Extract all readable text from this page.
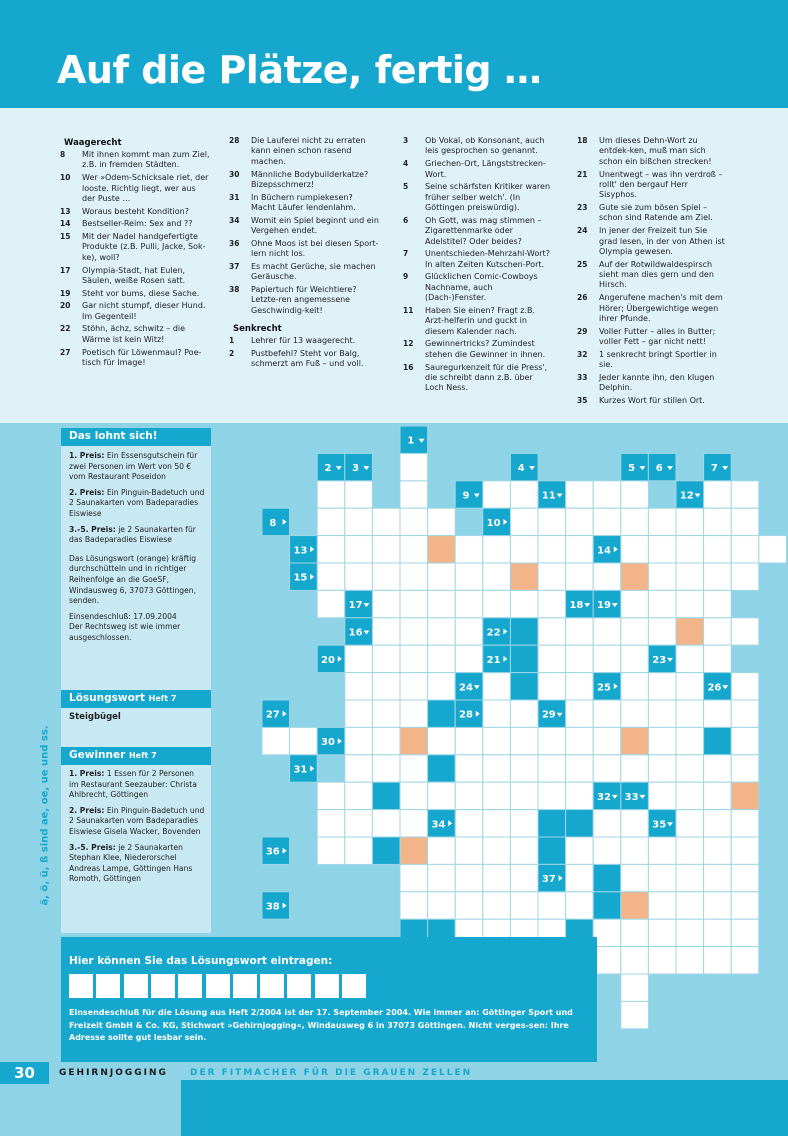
Auf die Plätze, fertig …
Waagerecht
8	Mit ihnen kommt man zum Ziel, z.B. in fremden Städten.
10	Wer »Odem-Schicksale riet, der looste. Richtig liegt, wer aus der Puste …
13	Woraus besteht Kondition?
14	Bestseller-Reim: Sex and ??
15	Mit der Nadel handgefertigte Produkte (z.B. Pulli, Jacke, Sok-ke), woll?
17	Olympia-Stadt, hat Eulen, Säulen, weiße Rosen satt.
19	Steht vor bums, diese Sache.
20	Gar nicht stumpf, dieser Hund. Im Gegenteil!
22	Stöhn, ächz, schwitz – die Wärme ist kein Witz!
27	Poetisch für Löwenmaul? Poe-tisch für Image!
28	Die Lauferei nicht zu erraten kann einen schon rasend machen.
30	Männliche Bodybuilderkatze? Bizepsschmerz!
31	In Büchern rumpiekesen? Macht Läufer lendenlahm.
34	Womit ein Spiel beginnt und ein Vergehen endet.
36	Ohne Moos ist bei diesen Sport-lern nicht los.
37	Es macht Gerüche, sie machen Geräusche.
38	Papiertuch für Weichtiere? Letzte-ren angemessene Geschwindig-keit!
Senkrecht
1	Lehrer für 13 waagerecht.
2	Pustbefehl? Steht vor Balg, schmerzt am Fuß – und voll.
3	Ob Vokal, ob Konsonant, auch leis gesprochen so genannt.
4	Griechen-Ort, Längststrecken-Wort.
5	Seine schärfsten Kritiker waren früher selber welch'. (In Göttingen preiswürdig).
6	Oh Gott, was mag stimmen – Zigarettenmarke oder Adelstitel? Oder beides?
7	Unentschieden-Mehrzahl-Wort? In alten Zeiten Kutschen-Port.
9	Glücklichen Comic-Cowboys Nachname, auch (Dach-)Fenster.
11	Haben Sie einen? Fragt z.B. Arzt-helferin und guckt in diesem Kalender nach.
12	Gewinnertricks? Zumindest stehen die Gewinner in ihnen.
16	Sauregurkenzeit für die Press', die schreibt dann z.B. über Loch Ness.
18	Um dieses Dehn-Wort zu entdek-ken, muß man sich schon ein bißchen strecken!
21	Unentwegt – was ihn verdroß – rollt' den bergauf Herr Sisyphos.
23	Gute sie zum bösen Spiel – schon sind Ratende am Ziel.
24	In jener der Freizeit tun Sie grad lesen, in der von Athen ist Olympia gewesen.
25	Auf der Rotwildwaldespirsch sieht man dies gern und den Hirsch.
26	Angerufene machen's mit dem Hörer; Übergewichtige wegen ihrer Pfunde.
29	Voller Futter – alles in Butter; voller Fett – gar nicht nett!
32	1 senkrecht bringt Sportler in sie.
33	Jeder kannte ihn, den klugen Delphin.
35	Kurzes Wort für stillen Ort.
Das lohnt sich!

1. Preis: Ein Essensgutschein für zwei Personen im Wert von 50 € vom Restaurant Poseidon

2. Preis: Ein Pinguin-Badetuch und 2 Saunakarten vom Badeparadies Eiswiese

3.-5. Preis: je 2 Saunakarten für das Badeparadies Eiswiese

Das Lösungswort (orange) kräftig durchschütteln und in richtiger Reihenfolge an die GoeSF, Windausweg 6, 37073 Göttingen, senden.

Einsendeschluß: 17.09.2004

Der Rechtsweg ist wie immer ausgeschlossen.

Lösungswort Heft 7
Steigbügel
Gewinner Heft 7

1. Preis: 1 Essen für 2 Personen im Restaurant Seezauber: Christa Ahlbrecht, Göttingen

2. Preis: Ein Pinguin-Badetuch und 2 Saunakarten vom Badeparadies Eiswiese Gisela Wacker, Bovenden

3.-5. Preis: je 2 Saunakarten Stephan Klee, Niederorschel Andreas Lampe, Göttingen Hans Romoth, Göttingen

ä, ö, ü, ß sind ae, oe, ue und ss.
1
2 3	4	5 6	7
9	11	12
8	10
13	14
15
17	18 19
16
20
22
21	23
24	25	26
27	28	29
30
31
32 33
34	35
36
37
38
Hier können Sie das Lösungswort eintragen:

Einsendeschluß für die Lösung aus Heft 2/2004 ist der 17. September 2004. Wie immer an: Göttinger Sport und Freizeit GmbH & Co. KG, Stichwort »Gehirnjogging«, Windausweg 6 in 37073 Göttingen. Nicht verges-sen: Ihre Adresse sollte gut lesbar sein.

30	GEHIRNJOGGING DER FITMACHER FÜR DIE GRAUEN ZELLEN
